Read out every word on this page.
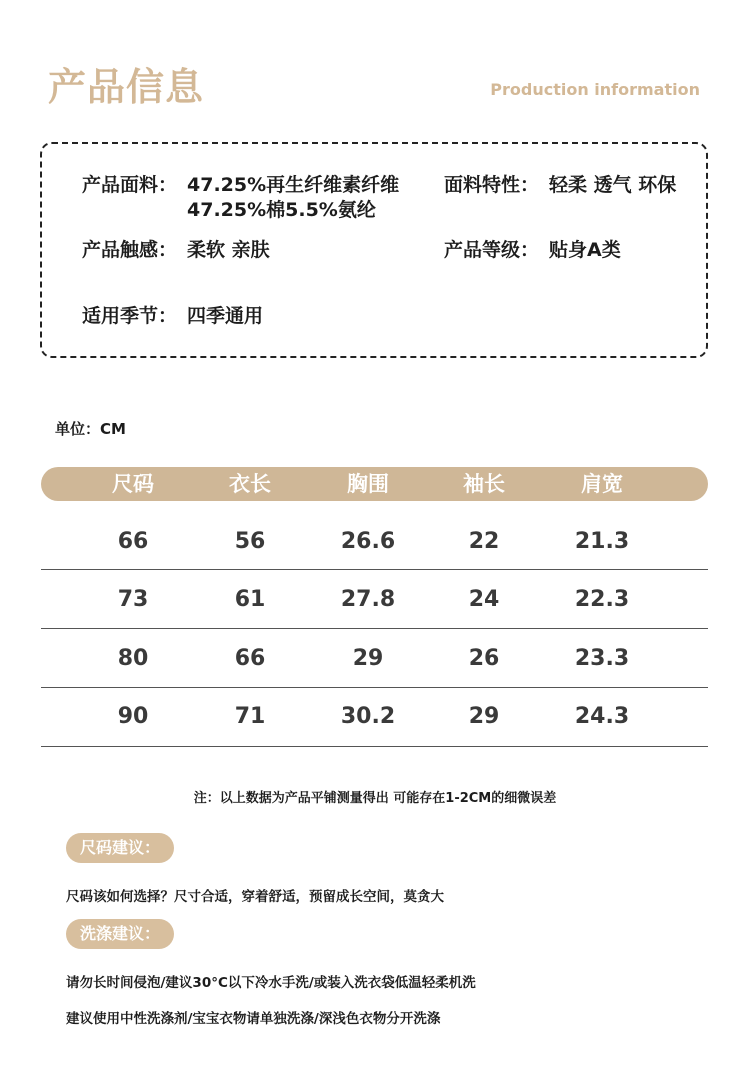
产品信息	Production information
产品面料： 47.25%再生纤维素纤维
47.25%棉5.5%氨纶
面料特性： 轻柔 透气 环保
产品触感： 柔软 亲肤	产品等级： 贴身A类
适用季节： 四季通用
单位：CM
尺码	衣长	胸围	袖长	肩宽
66	56	26.6	22	21.3
73	61	27.8	24	22.3
80	66	29	26	23.3
90	71	30.2	29	24.3
注：以上数据为产品平铺测量得出 可能存在1-2CM的细微误差
尺码建议：
尺码该如何选择？尺寸合适，穿着舒适，预留成长空间，莫贪大
洗涤建议：
请勿长时间侵泡/建议30°C以下冷水手洗/或装入洗衣袋低温轻柔机洗
建议使用中性洗涤剂/宝宝衣物请单独洗涤/深浅色衣物分开洗涤
